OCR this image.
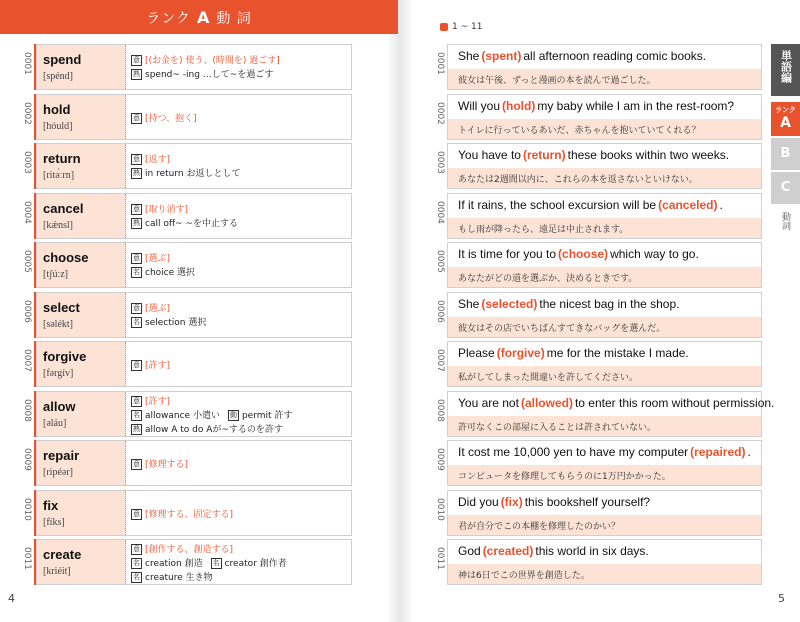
ランク A 動 詞
0001 spend
[spénd]
意 [(お金を) 使う、(時間を) 過ごす]
熟 spend~ -ing …して~を過ごす
0002 hold
[hóuld]
意 [持つ、抱く]
0003 return
[ritə́ːrn]
意 [返す]
熟 in return お返しとして
0004 cancel
[kǽnsl]
意 [取り消す]
熟 call off~ ~を中止する
0005 choose
[tʃúːz]
意 [選ぶ]
名 choice 選択
0006 select
[səlékt]
意 [選ぶ]
名 selection 選択
0007 forgive
[fərgív]
意 [許す]
0008 allow
[əláu]
意 [許す]
名 allowance 小遣い 動 permit 許す
熟 allow A to do Aが~するのを許す
0009 repair
[ripéər]
意 [修理する]
0010 fix
[fíks]
意 [修理する、固定する]
0011 create
[kriéit]
意 [創作する、創造する]
名 creation 創造 名 creator 創作者
名 creature 生き物
4
1 ~ 11
0001 She (spent) all afternoon reading comic books.
彼女は午後、ずっと漫画の本を読んで過ごした。
0002 Will you (hold) my baby while I am in the rest-room?
トイレに行っているあいだ、赤ちゃんを抱いていてくれる？
0003 You have to (return) these books within two weeks.
あなたは2週間以内に、これらの本を返さないといけない。
0004 If it rains, the school excursion will be (canceled) .
もし雨が降ったら、遠足は中止されます。
0005 It is time for you to (choose) which way to go.
あなたがどの道を選ぶか、決めるときです。
0006 She (selected) the nicest bag in the shop.
彼女はその店でいちばんすてきなバッグを選んだ。
0007 Please (forgive) me for the mistake I made.
私がしてしまった間違いを許してください。
0008 You are not (allowed) to enter this room without permission.
許可なくこの部屋に入ることは許されていない。
0009 It cost me 10,000 yen to have my computer (repaired) .
コンピュータを修理してもらうのに1万円かかった。
0010 Did you (fix) this bookshelf yourself?
君が自分でこの本棚を修理したのかい？
0011 God (created) this world in six days.
神は6日でこの世界を創造した。
単語編
ランク
A
B
C
動詞
5
